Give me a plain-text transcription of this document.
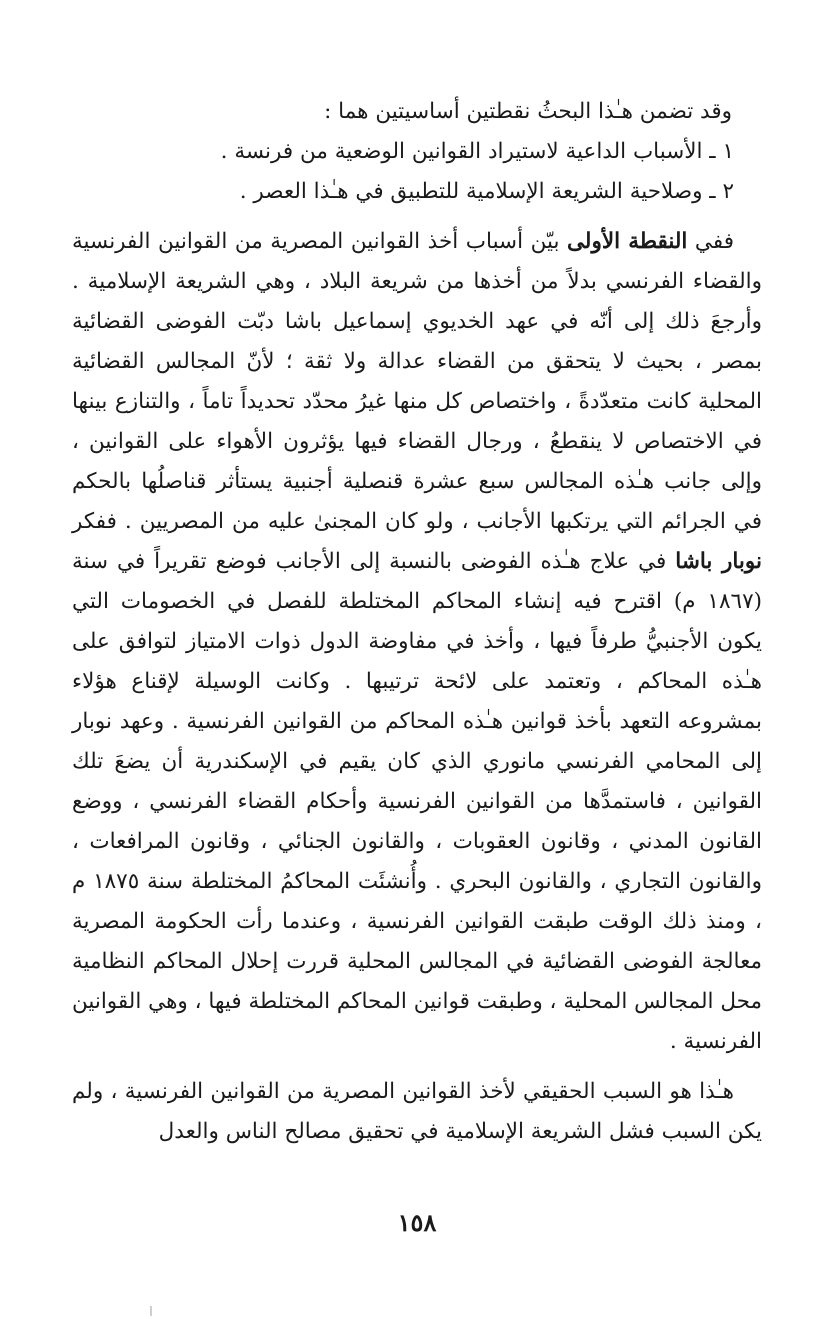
وقد تضمن هـٰذا البحثُ نقطتين أساسيتين هما :

١ ـ الأسباب الداعية لاستيراد القوانين الوضعية من فرنسة .

٢ ـ وصلاحية الشريعة الإسلامية للتطبيق في هـٰذا العصر .

ففي النقطة الأولى بيّن أسباب أخذ القوانين المصرية من القوانين الفرنسية والقضاء الفرنسي بدلاً من أخذها من شريعة البلاد ، وهي الشريعة الإسلامية . وأرجعَ ذلك إلى أنّه في عهد الخديوي إسماعيل باشا دبّت الفوضى القضائية بمصر ، بحيث لا يتحقق من القضاء عدالة ولا ثقة ؛ لأنّ المجالس القضائية المحلية كانت متعدّدةً ، واختصاص كل منها غيرُ محدّد تحديداً تاماً ، والتنازع بينها في الاختصاص لا ينقطعُ ، ورجال القضاء فيها يؤثرون الأهواء على القوانين ، وإلى جانب هـٰذه المجالس سبع عشرة قنصلية أجنبية يستأثر قناصلُها بالحكم في الجرائم التي يرتكبها الأجانب ، ولو كان المجنىٰ عليه من المصريين . ففكر نوبار باشا في علاج هـٰذه الفوضى بالنسبة إلى الأجانب فوضع تقريراً في سنة (١٨٦٧ م) اقترح فيه إنشاء المحاكم المختلطة للفصل في الخصومات التي يكون الأجنبيُّ طرفاً فيها ، وأخذ في مفاوضة الدول ذوات الامتياز لتوافق على هـٰذه المحاكم ، وتعتمد على لائحة ترتيبها . وكانت الوسيلة لإقناع هؤلاء بمشروعه التعهد بأخذ قوانين هـٰذه المحاكم من القوانين الفرنسية . وعهد نوبار إلى المحامي الفرنسي مانوري الذي كان يقيم في الإسكندرية أن يضعَ تلك القوانين ، فاستمدَّها من القوانين الفرنسية وأحكام القضاء الفرنسي ، ووضع القانون المدني ، وقانون العقوبات ، والقانون الجنائي ، وقانون المرافعات ، والقانون التجاري ، والقانون البحري . وأُنشئَت المحاكمُ المختلطة سنة ١٨٧٥ م ، ومنذ ذلك الوقت طبقت القوانين الفرنسية ، وعندما رأت الحكومة المصرية معالجة الفوضى القضائية في المجالس المحلية قررت إحلال المحاكم النظامية محل المجالس المحلية ، وطبقت قوانين المحاكم المختلطة فيها ، وهي القوانين الفرنسية .

هـٰذا هو السبب الحقيقي لأخذ القوانين المصرية من القوانين الفرنسية ، ولم يكن السبب فشل الشريعة الإسلامية في تحقيق مصالح الناس والعدل

١٥٨
